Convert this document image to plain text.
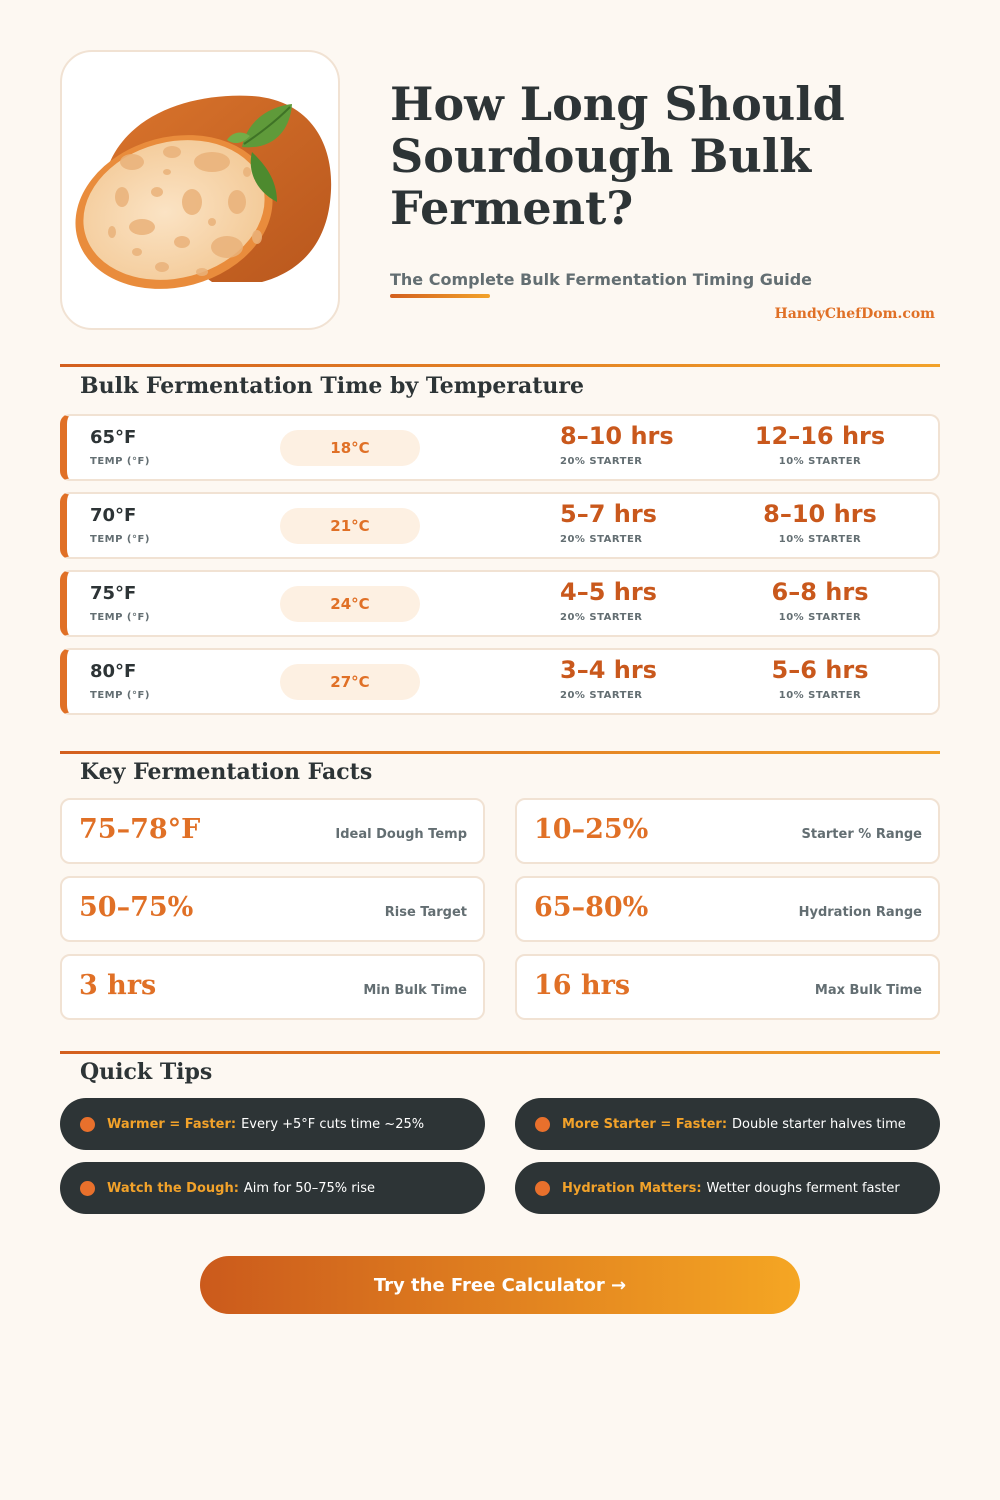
How Long Should Sourdough Bulk Ferment?
The Complete Bulk Fermentation Timing Guide
HandyChefDom.com
Bulk Fermentation Time by Temperature
65°F
TEMP (°F)
18°C	8–10 hrs
20% STARTER
12–16 hrs
10% STARTER
70°F
TEMP (°F)
21°C	5–7 hrs
20% STARTER
8–10 hrs
10% STARTER
75°F
TEMP (°F)
24°C	4–5 hrs
20% STARTER
6–8 hrs
10% STARTER
80°F
TEMP (°F)
27°C	3–4 hrs
20% STARTER
5–6 hrs
10% STARTER
Key Fermentation Facts
75–78°F	Ideal Dough Temp 10–25%	Starter % Range
50–75%	Rise Target 65–80%	Hydration Range
3 hrs	Min Bulk Time 16 hrs	Max Bulk Time
Quick Tips
Warmer = Faster: Every +5°F cuts time ~25%	More Starter = Faster: Double starter halves time
Watch the Dough: Aim for 50–75% rise	Hydration Matters: Wetter doughs ferment faster
Try the Free Calculator →
